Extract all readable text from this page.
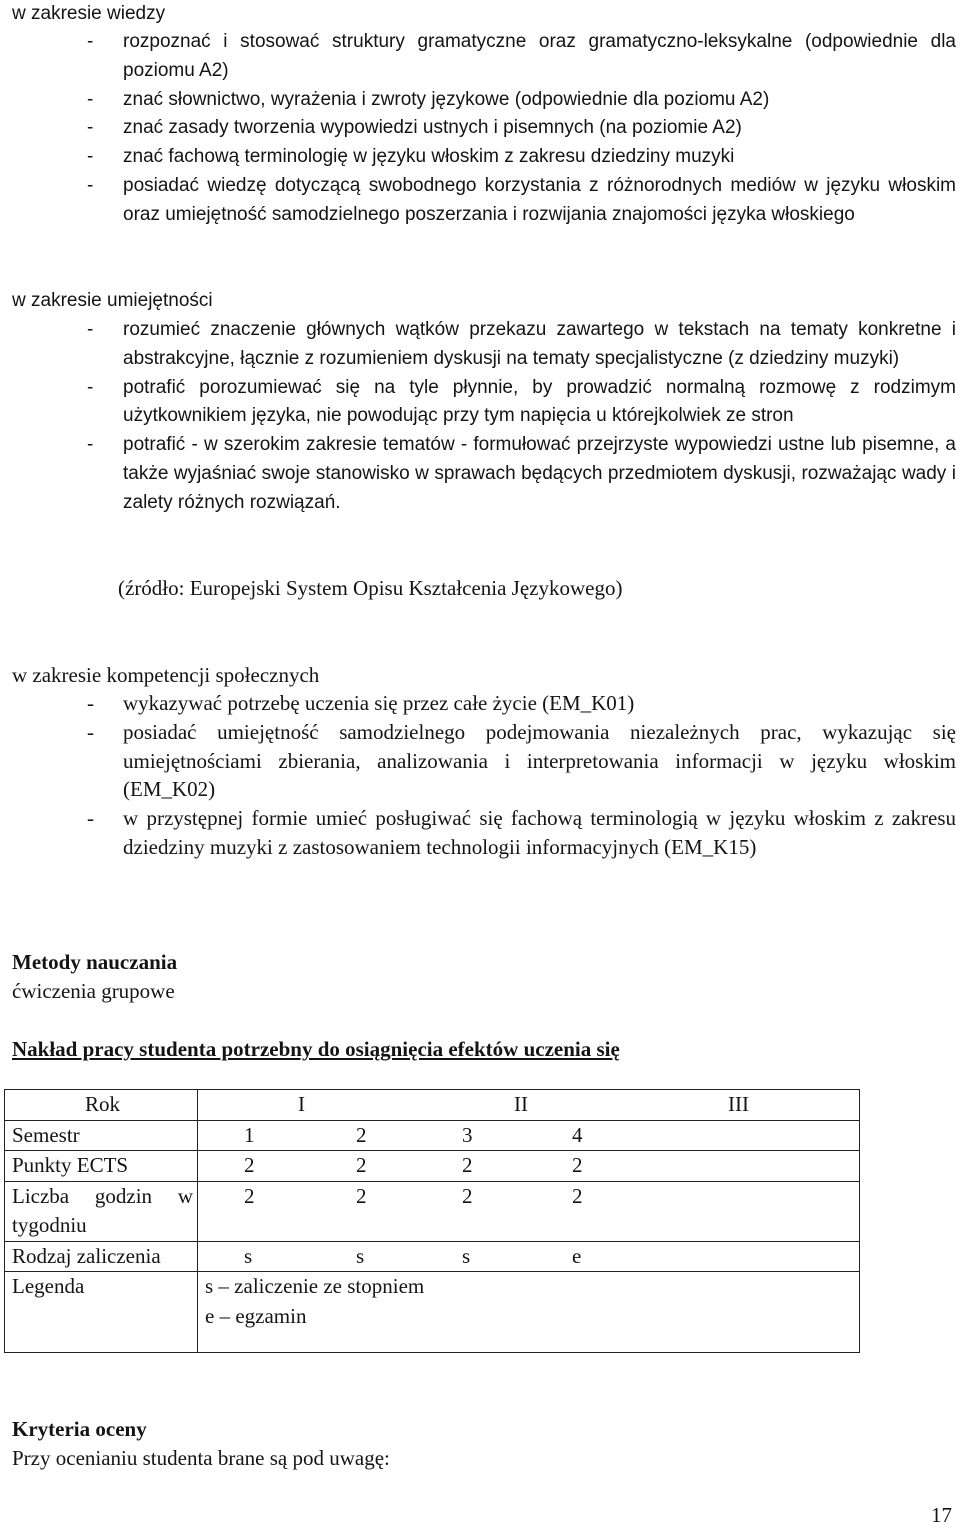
w zakresie wiedzy
- rozpoznać i stosować struktury gramatyczne oraz gramatyczno-leksykalne (odpowiednie dla poziomu A2)
- znać słownictwo, wyrażenia i zwroty językowe (odpowiednie dla poziomu A2)
- znać zasady tworzenia wypowiedzi ustnych i pisemnych (na poziomie A2)
- znać fachową terminologię w języku włoskim z zakresu dziedziny muzyki
- posiadać wiedzę dotyczącą swobodnego korzystania z różnorodnych mediów w języku włoskim oraz umiejętność samodzielnego poszerzania i rozwijania znajomości języka włoskiego
w zakresie umiejętności
- rozumieć znaczenie głównych wątków przekazu zawartego w tekstach na tematy konkretne i abstrakcyjne, łącznie z rozumieniem dyskusji na tematy specjalistyczne (z dziedziny muzyki)
- potrafić porozumiewać się na tyle płynnie, by prowadzić normalną rozmowę z rodzimym użytkownikiem języka, nie powodując przy tym napięcia u którejkolwiek ze stron
- potrafić - w szerokim zakresie tematów - formułować przejrzyste wypowiedzi ustne lub pisemne, a także wyjaśniać swoje stanowisko w sprawach będących przedmiotem dyskusji, rozważając wady i zalety różnych rozwiązań.
(źródło: Europejski System Opisu Kształcenia Językowego)
w zakresie kompetencji społecznych
- wykazywać potrzebę uczenia się przez całe życie (EM_K01)
- posiadać umiejętność samodzielnego podejmowania niezależnych prac, wykazując się umiejętnościami zbierania, analizowania i interpretowania informacji w języku włoskim (EM_K02)
- w przystępnej formie umieć posługiwać się fachową terminologią w języku włoskim z zakresu dziedziny muzyki z zastosowaniem technologii informacyjnych (EM_K15)
Metody nauczania
ćwiczenia grupowe
Nakład pracy studenta potrzebny do osiągnięcia efektów uczenia się
Rok	I II III

Semestr	1 2 3 4

Punkty ECTS	2 2 2 2

Liczba godzin w tygodniu	2 2 2 2

Rodzaj zaliczenia	s s s e

Legenda	s – zaliczenie ze stopniem
e – egzamin
Kryteria oceny
Przy ocenianiu studenta brane są pod uwagę:
17
